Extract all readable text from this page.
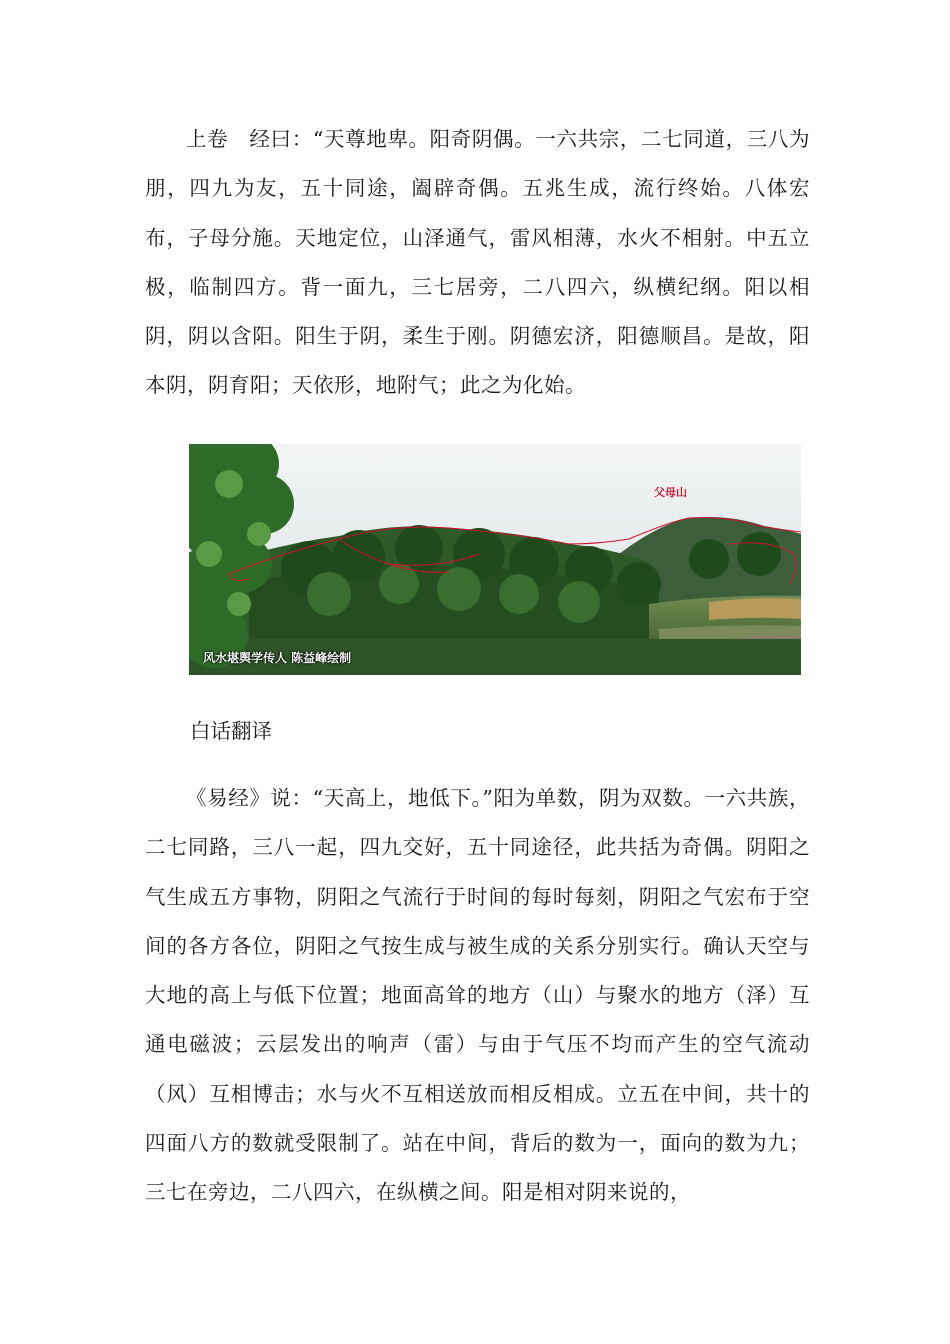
上卷　经曰：“天尊地卑。阳奇阴偶。一六共宗，二七同道，三八为朋，四九为友，五十同途，阖辟奇偶。五兆生成，流行终始。八体宏布，子母分施。天地定位，山泽通气，雷风相薄，水火不相射。中五立极，临制四方。背一面九，三七居旁，二八四六，纵横纪纲。阳以相阴，阴以含阳。阳生于阴，柔生于刚。阴德宏济，阳德顺昌。是故，阳本阴，阴育阳；天依形，地附气；此之为化始。

父母山
风水堪舆学传人 陈益峰绘制

白话翻译

《易经》说：“天高上，地低下。”阳为单数，阴为双数。一六共族，二七同路，三八一起，四九交好，五十同途径，此共括为奇偶。阴阳之气生成五方事物，阴阳之气流行于时间的每时每刻，阴阳之气宏布于空间的各方各位，阴阳之气按生成与被生成的关系分别实行。确认天空与大地的高上与低下位置；地面高耸的地方（山）与聚水的地方（泽）互通电磁波；云层发出的响声（雷）与由于气压不均而产生的空气流动（风）互相博击；水与火不互相送放而相反相成。立五在中间，共十的四面八方的数就受限制了。站在中间，背后的数为一，面向的数为九；三七在旁边，二八四六，在纵横之间。阳是相对阴来说的，
